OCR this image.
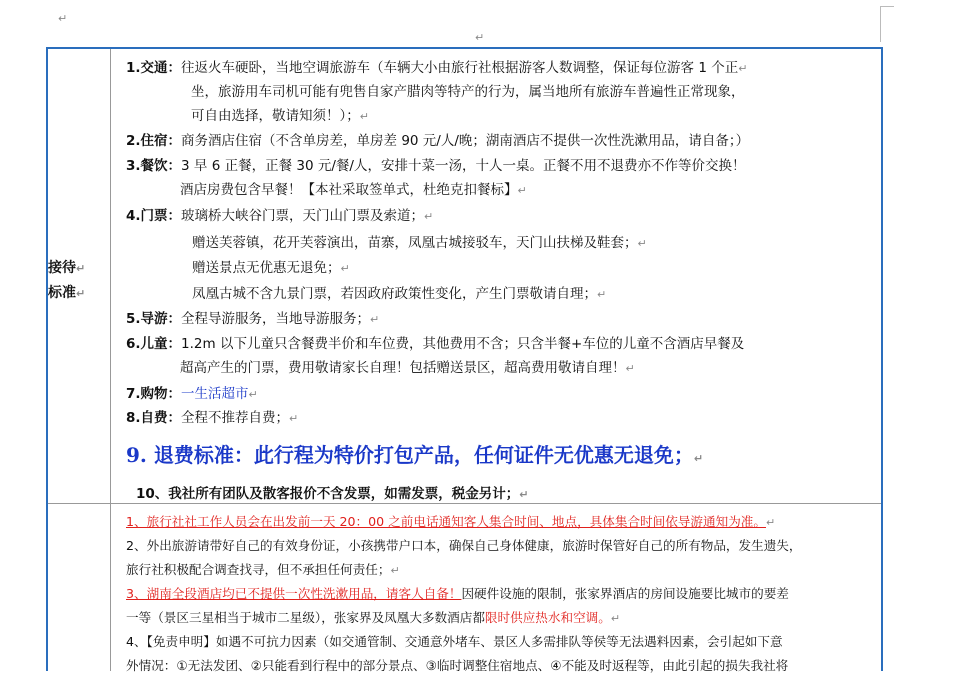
↵
↵
接待↵
标准↵
1.交通：往返火车硬卧，当地空调旅游车（车辆大小由旅行社根据游客人数调整，保证每位游客 1 个正↵
坐，旅游用车司机可能有兜售自家产腊肉等特产的行为，属当地所有旅游车普遍性正常现象，
可自由选择，敬请知须！）；↵
2.住宿：商务酒店住宿（不含单房差，单房差 90 元/人/晚；湖南酒店不提供一次性洗漱用品，请自备；）
3.餐饮：3 早 6 正餐，正餐 30 元/餐/人，安排十菜一汤，十人一桌。正餐不用不退费亦不作等价交换！
酒店房费包含早餐！【本社采取签单式，杜绝克扣餐标】↵
4.门票：玻璃桥大峡谷门票，天门山门票及索道；↵
赠送芙蓉镇，花开芙蓉演出，苗寨，凤凰古城接驳车，天门山扶梯及鞋套；↵
赠送景点无优惠无退免；↵
凤凰古城不含九景门票，若因政府政策性变化，产生门票敬请自理；↵
5.导游：全程导游服务，当地导游服务；↵
6.儿童：1.2m 以下儿童只含餐费半价和车位费，其他费用不含；只含半餐+车位的儿童不含酒店早餐及
超高产生的门票，费用敬请家长自理！包括赠送景区，超高费用敬请自理！↵
7.购物：一生活超市↵
8.自费：全程不推荐自费；↵
9. 退费标准：此行程为特价打包产品，任何证件无优惠无退免；↵
10、我社所有团队及散客报价不含发票，如需发票，税金另计；↵
1、旅行社社工作人员会在出发前一天 20：00 之前电话通知客人集合时间、地点，具体集合时间依导游通知为准。↵
2、外出旅游请带好自己的有效身份证，小孩携带户口本，确保自己身体健康，旅游时保管好自己的所有物品，发生遗失，
旅行社积极配合调查找寻，但不承担任何责任；↵
3、湖南全段酒店均已不提供一次性洗漱用品，请客人自备！因硬件设施的限制，张家界酒店的房间设施要比城市的要差
一等（景区三星相当于城市二星级），张家界及凤凰大多数酒店都限时供应热水和空调。↵
4、【免责申明】如遇不可抗力因素（如交通管制、交通意外堵车、景区人多需排队等侯等无法遇料因素，会引起如下意
外情况：①无法发团、②只能看到行程中的部分景点、③临时调整住宿地点、④不能及时返程等，由此引起的损失我社将
